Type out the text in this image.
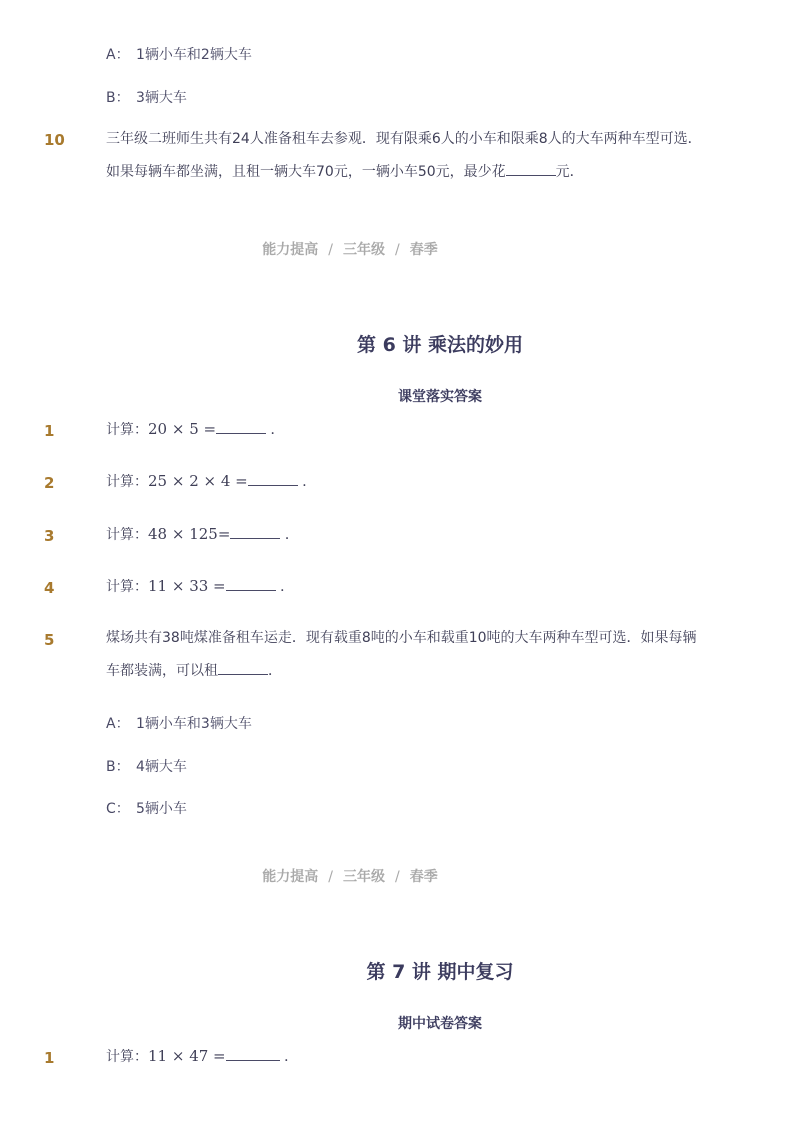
A： 1辆小车和2辆大车
B： 3辆大车
10	三年级二班师生共有24人准备租车去参观．现有限乘6人的小车和限乘8人的大车两种车型可选．
如果每辆车都坐满，且租一辆大车70元，一辆小车50元，最少花	元．
能力提高 / 三年级 / 春季
第 6 讲 乘法的妙用
课堂落实答案
1	计算：20 × 5 =	．
2	计算：25 × 2 × 4 =	．
3	计算：48 × 125=	．
4	计算：11 × 33 =	．
5	煤场共有38吨煤准备租车运走．现有载重8吨的小车和载重10吨的大车两种车型可选．如果每辆
车都装满，可以租	．
A： 1辆小车和3辆大车
B： 4辆大车
C： 5辆小车
能力提高 / 三年级 / 春季
第 7 讲 期中复习
期中试卷答案
1	计算：11 × 47 =	．
